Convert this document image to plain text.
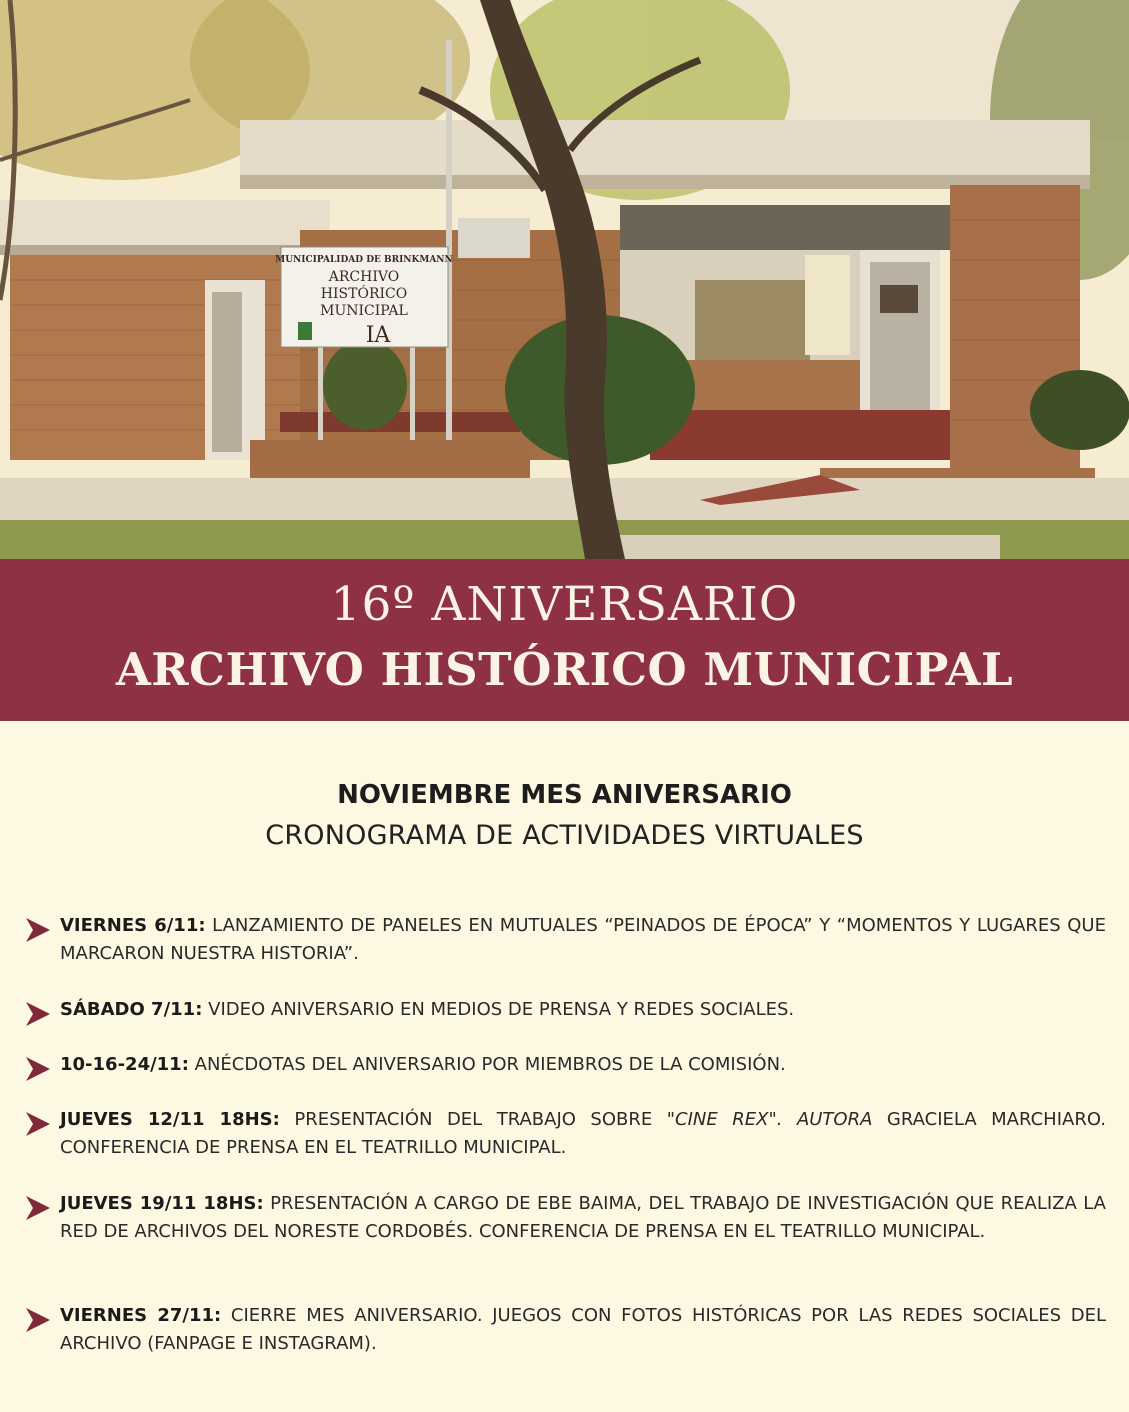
MUNICIPALIDAD DE BRINKMANN
ARCHIVO
HISTÓRICO
MUNICIPAL
IA
16º ANIVERSARIO
ARCHIVO HISTÓRICO MUNICIPAL
NOVIEMBRE MES ANIVERSARIO
CRONOGRAMA DE ACTIVIDADES VIRTUALES
VIERNES 6/11: LANZAMIENTO DE PANELES EN MUTUALES “PEINADOS DE ÉPOCA” Y “MOMENTOS Y LUGARES QUE MARCARON NUESTRA HISTORIA”.
SÁBADO 7/11: VIDEO ANIVERSARIO EN MEDIOS DE PRENSA Y REDES SOCIALES.
10-16-24/11: ANÉCDOTAS DEL ANIVERSARIO POR MIEMBROS DE LA COMISIÓN.
JUEVES 12/11 18HS: PRESENTACIÓN DEL TRABAJO SOBRE "CINE REX". AUTORA GRACIELA MARCHIARO. CONFERENCIA DE PRENSA EN EL TEATRILLO MUNICIPAL.
JUEVES 19/11 18HS: PRESENTACIÓN A CARGO DE EBE BAIMA, DEL TRABAJO DE INVESTIGACIÓN QUE REALIZA LA RED DE ARCHIVOS DEL NORESTE CORDOBÉS. CONFERENCIA DE PRENSA EN EL TEATRILLO MUNICIPAL.
VIERNES 27/11: CIERRE MES ANIVERSARIO. JUEGOS CON FOTOS HISTÓRICAS POR LAS REDES SOCIALES DEL ARCHIVO (FANPAGE E INSTAGRAM).
